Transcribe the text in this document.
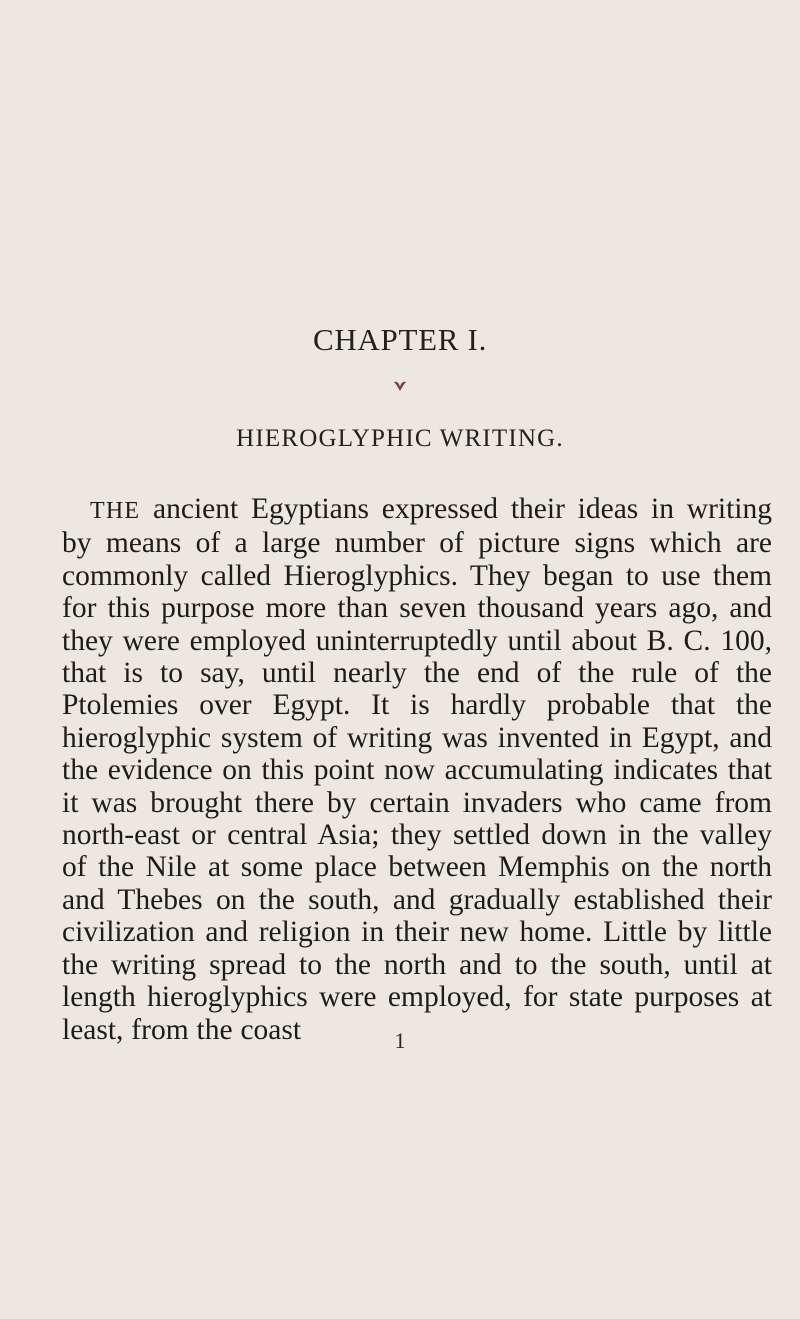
CHAPTER I.
HIEROGLYPHIC WRITING.

THE ancient Egyptians expressed their ideas in writing by means of a large number of picture signs which are commonly called Hieroglyphics. They began to use them for this purpose more than seven thousand years ago, and they were employed uninterruptedly until about B. C. 100, that is to say, until nearly the end of the rule of the Ptolemies over Egypt. It is hardly probable that the hieroglyphic system of writing was invented in Egypt, and the evidence on this point now accumulating indicates that it was brought there by certain invaders who came from north-east or central Asia; they settled down in the valley of the Nile at some place between Memphis on the north and Thebes on the south, and gradually established their civilization and religion in their new home. Little by little the writing spread to the north and to the south, until at length hieroglyphics were employed, for state purposes at least, from the coast	1
